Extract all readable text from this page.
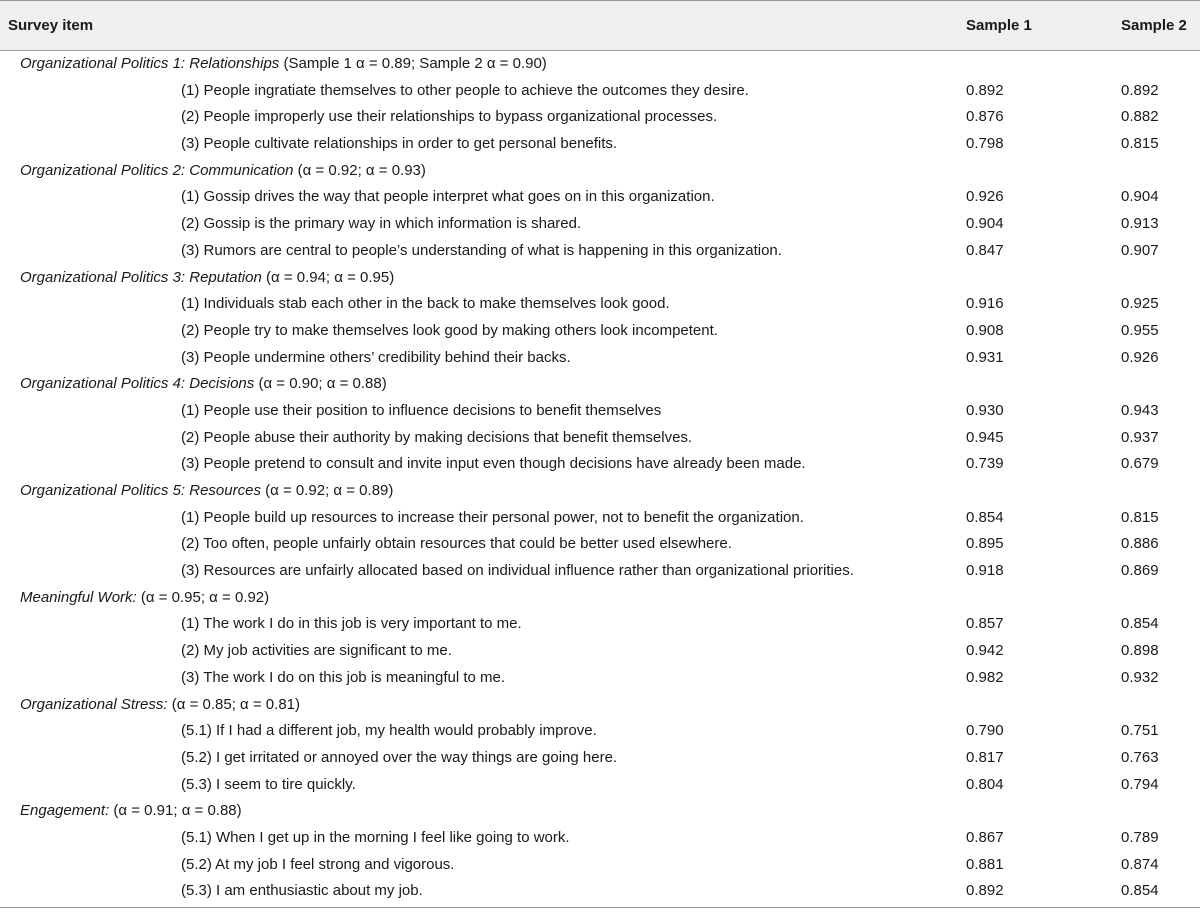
Survey item	Sample 1	Sample 2
Organizational Politics 1: Relationships (Sample 1 α = 0.89; Sample 2 α = 0.90)
(1) People ingratiate themselves to other people to achieve the outcomes they desire.	0.892	0.892
(2) People improperly use their relationships to bypass organizational processes.	0.876	0.882
(3) People cultivate relationships in order to get personal benefits.	0.798	0.815
Organizational Politics 2: Communication (α = 0.92; α = 0.93)
(1) Gossip drives the way that people interpret what goes on in this organization.	0.926	0.904
(2) Gossip is the primary way in which information is shared.	0.904	0.913
(3) Rumors are central to people’s understanding of what is happening in this organization.	0.847	0.907
Organizational Politics 3: Reputation (α = 0.94; α = 0.95)
(1) Individuals stab each other in the back to make themselves look good.	0.916	0.925
(2) People try to make themselves look good by making others look incompetent.	0.908	0.955
(3) People undermine others’ credibility behind their backs.	0.931	0.926
Organizational Politics 4: Decisions (α = 0.90; α = 0.88)
(1) People use their position to influence decisions to benefit themselves	0.930	0.943
(2) People abuse their authority by making decisions that benefit themselves.	0.945	0.937
(3) People pretend to consult and invite input even though decisions have already been made.	0.739	0.679
Organizational Politics 5: Resources (α = 0.92; α = 0.89)
(1) People build up resources to increase their personal power, not to benefit the organization.	0.854	0.815
(2) Too often, people unfairly obtain resources that could be better used elsewhere.	0.895	0.886
(3) Resources are unfairly allocated based on individual influence rather than organizational priorities.	0.918	0.869
Meaningful Work: (α = 0.95; α = 0.92)
(1) The work I do in this job is very important to me.	0.857	0.854
(2) My job activities are significant to me.	0.942	0.898
(3) The work I do on this job is meaningful to me.	0.982	0.932
Organizational Stress: (α = 0.85; α = 0.81)
(5.1) If I had a different job, my health would probably improve.	0.790	0.751
(5.2) I get irritated or annoyed over the way things are going here.	0.817	0.763
(5.3) I seem to tire quickly.	0.804	0.794
Engagement: (α = 0.91; α = 0.88)
(5.1) When I get up in the morning I feel like going to work.	0.867	0.789
(5.2) At my job I feel strong and vigorous.	0.881	0.874
(5.3) I am enthusiastic about my job.	0.892	0.854
